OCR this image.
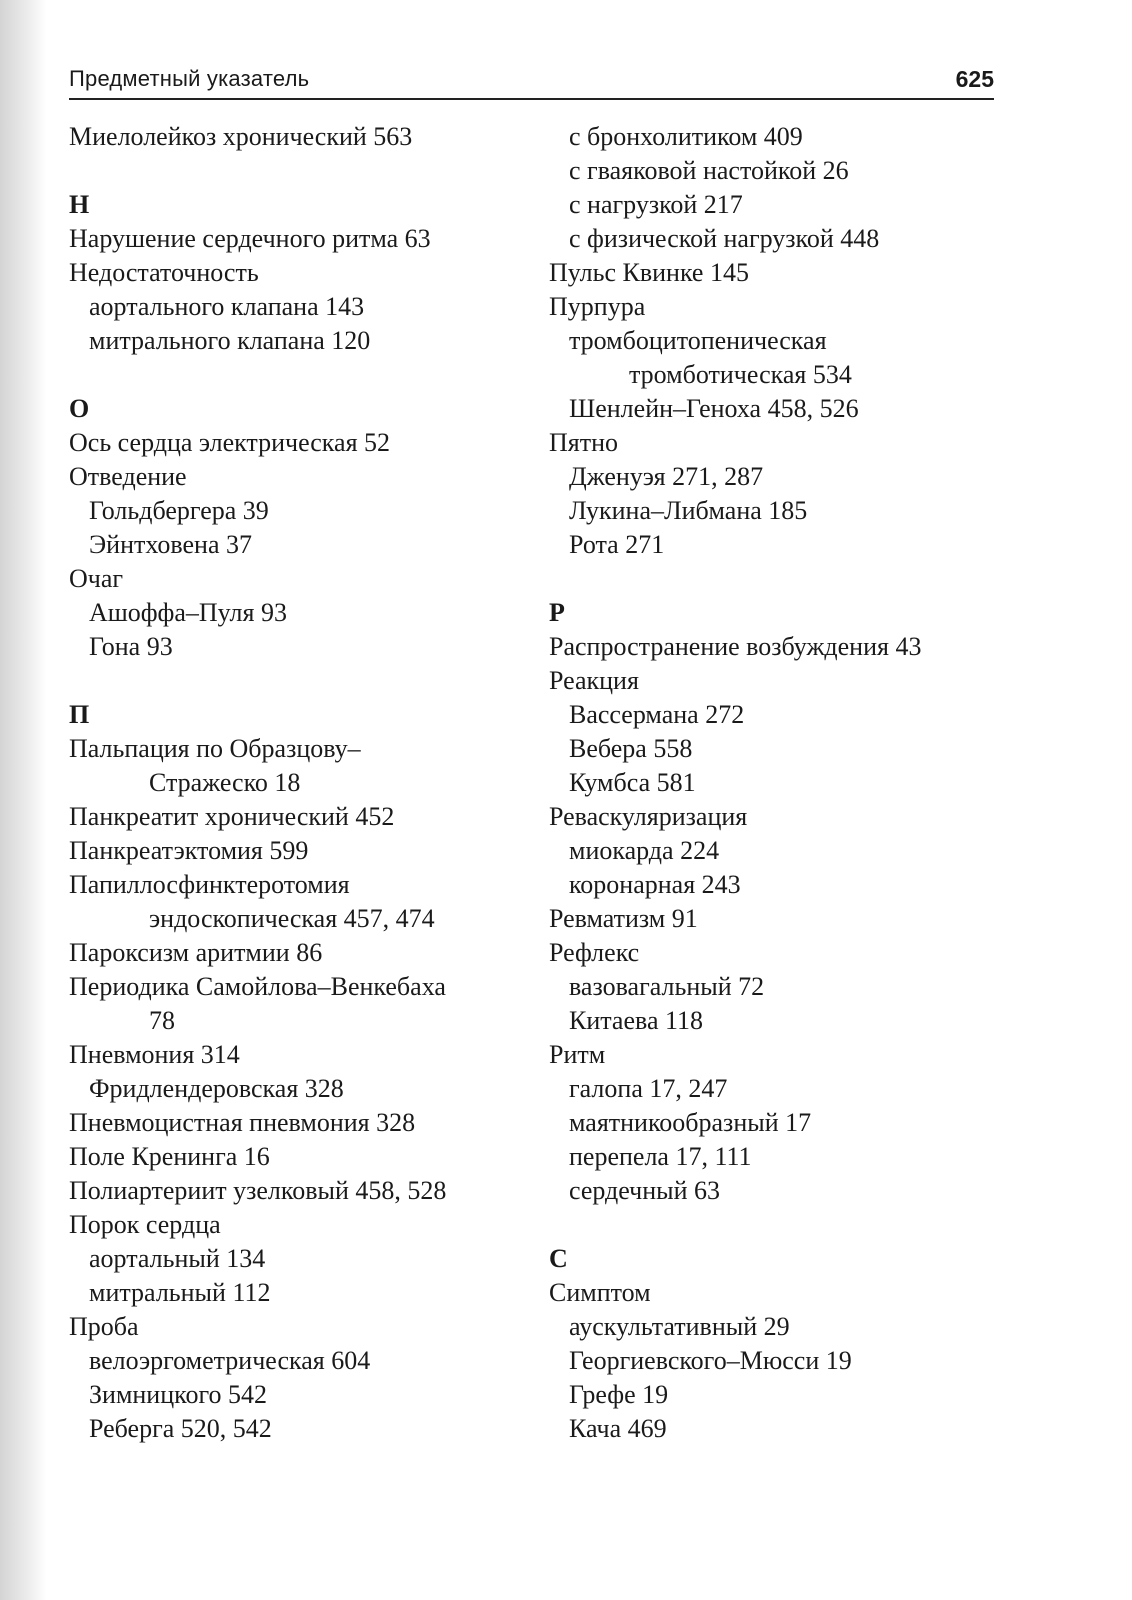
Предметный указатель	625
Миелолейкоз хронический 563
Н
Нарушение сердечного ритма 63
Недостаточность
аортального клапана 143
митрального клапана 120
О
Ось сердца электрическая 52
Отведение
Гольдбергера 39
Эйнтховена 37
Очаг
Ашоффа–Пуля 93
Гона 93
П
Пальпация по Образцову–
Стражеско 18
Панкреатит хронический 452
Панкреатэктомия 599
Папиллосфинктеротомия
эндоскопическая 457, 474
Пароксизм аритмии 86
Периодика Самойлова–Венкебаха
78
Пневмония 314
Фридлендеровская 328
Пневмоцистная пневмония 328
Поле Кренинга 16
Полиартериит узелковый 458, 528
Порок сердца
аортальный 134
митральный 112
Проба
велоэргометрическая 604
Зимницкого 542
Реберга 520, 542
с бронхолитиком 409
с гваяковой настойкой 26
с нагрузкой 217
с физической нагрузкой 448
Пульс Квинке 145
Пурпура
тромбоцитопеническая
тромботическая 534
Шенлейн–Геноха 458, 526
Пятно
Дженуэя 271, 287
Лукина–Либмана 185
Рота 271
Р
Распространение возбуждения 43
Реакция
Вассермана 272
Вебера 558
Кумбса 581
Реваскуляризация
миокарда 224
коронарная 243
Ревматизм 91
Рефлекс
вазовагальный 72
Китаева 118
Ритм
галопа 17, 247
маятникообразный 17
перепела 17, 111
сердечный 63
С
Симптом
аускультативный 29
Георгиевского–Мюсси 19
Грефе 19
Кача 469
